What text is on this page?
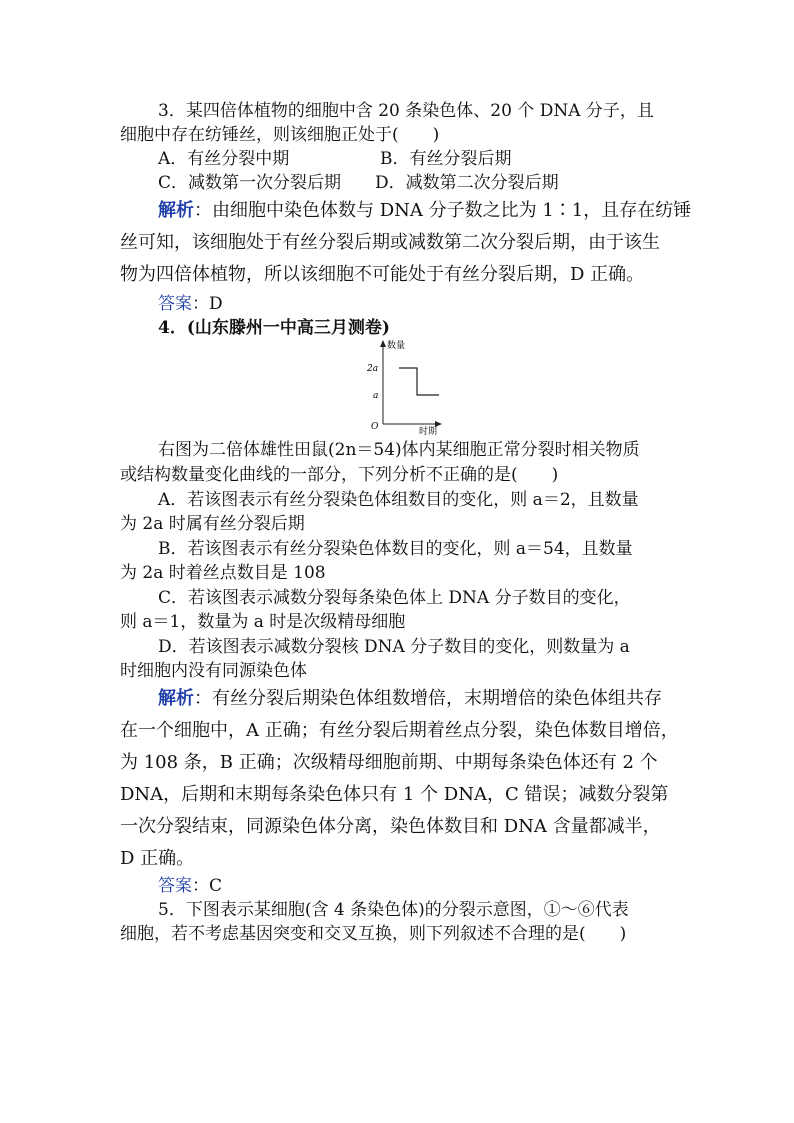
3．某四倍体植物的细胞中含 20 条染色体、20 个 DNA 分子，且
细胞中存在纺锤丝，则该细胞正处于(　　)
A．有丝分裂中期	B．有丝分裂后期
C．减数第一次分裂后期 D．减数第二次分裂后期
解析：由细胞中染色体数与 DNA 分子数之比为 1∶1，且存在纺锤
丝可知，该细胞处于有丝分裂后期或减数第二次分裂后期，由于该生
物为四倍体植物，所以该细胞不可能处于有丝分裂后期，D 正确。
答案：D
4．(山东滕州一中高三月测卷)
数量
时期
2a
a
O
右图为二倍体雄性田鼠(2n＝54)体内某细胞正常分裂时相关物质
或结构数量变化曲线的一部分，下列分析不正确的是(　　)
A．若该图表示有丝分裂染色体组数目的变化，则 a＝2，且数量
为 2a 时属有丝分裂后期
B．若该图表示有丝分裂染色体数目的变化，则 a＝54，且数量
为 2a 时着丝点数目是 108
C．若该图表示减数分裂每条染色体上 DNA 分子数目的变化，
则 a＝1，数量为 a 时是次级精母细胞
D．若该图表示减数分裂核 DNA 分子数目的变化，则数量为 a
时细胞内没有同源染色体
解析：有丝分裂后期染色体组数增倍，末期增倍的染色体组共存
在一个细胞中，A 正确；有丝分裂后期着丝点分裂，染色体数目增倍，
为 108 条，B 正确；次级精母细胞前期、中期每条染色体还有 2 个
DNA，后期和末期每条染色体只有 1 个 DNA，C 错误；减数分裂第
一次分裂结束，同源染色体分离，染色体数目和 DNA 含量都减半，
D 正确。
答案：C
5．下图表示某细胞(含 4 条染色体)的分裂示意图，①～⑥代表
细胞，若不考虑基因突变和交叉互换，则下列叙述不合理的是(　　)
